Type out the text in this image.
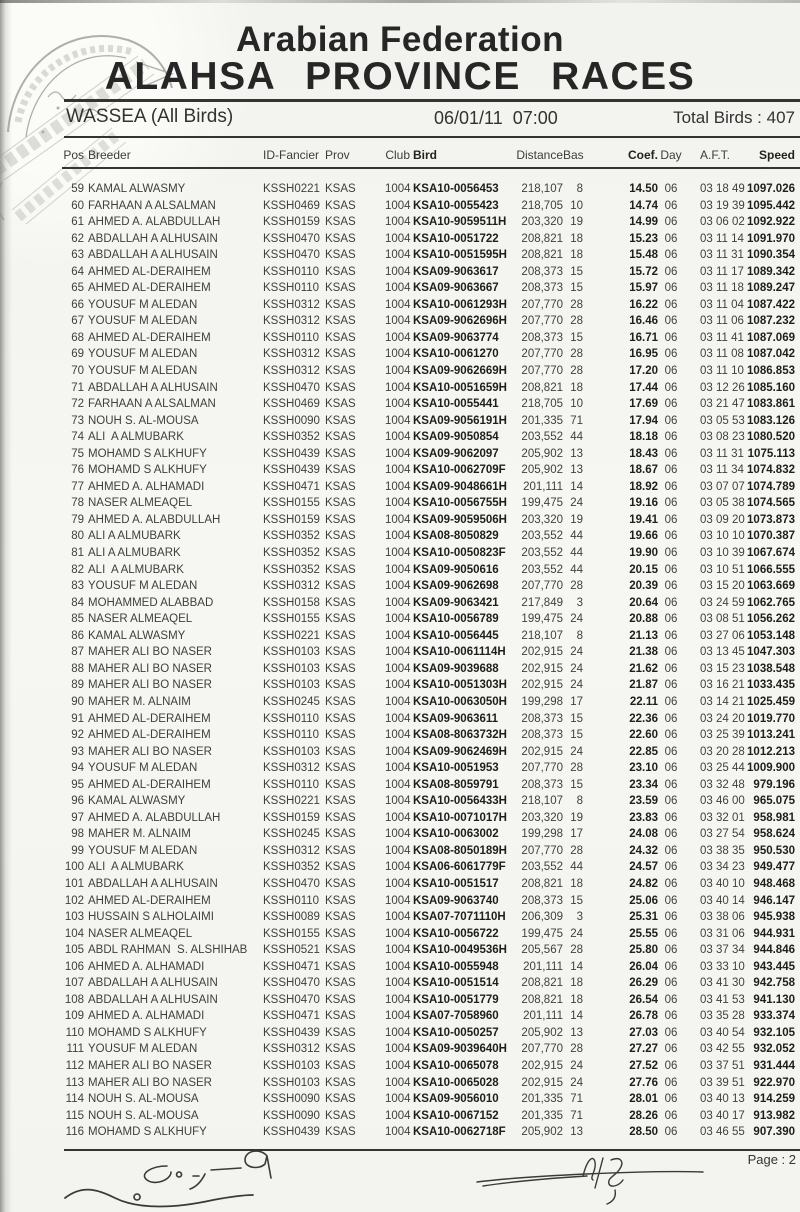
Arabian Federation
ALAHSA PROVINCE RACES
WASSEA (All Birds)	06/01/11  07:00	Total Birds : 407
Pos Breeder	ID-Fancier Prov	Club Bird	Distance Bas	Coef. Day	A.F.T.	Speed
59 KAMAL ALWASMY	KSSH0221 KSAS	1004 KSA10-0056453	218,107	8	14.50 06	03 18 49 1097.026
60 FARHAAN A ALSALMAN	KSSH0469 KSAS	1004 KSA10-0055423	218,705 10	14.74 06	03 19 39 1095.442
61 AHMED A. ALABDULLAH	KSSH0159 KSAS	1004 KSA10-9059511H	203,320 19	14.99 06	03 06 02 1092.922
62 ABDALLAH A ALHUSAIN	KSSH0470 KSAS	1004 KSA10-0051722	208,821 18	15.23 06	03 11 14 1091.970
63 ABDALLAH A ALHUSAIN	KSSH0470 KSAS	1004 KSA10-0051595H	208,821 18	15.48 06	03 11 31 1090.354
64 AHMED AL-DERAIHEM	KSSH0110 KSAS	1004 KSA09-9063617	208,373 15	15.72 06	03 11 17 1089.342
65 AHMED AL-DERAIHEM	KSSH0110 KSAS	1004 KSA09-9063667	208,373 15	15.97 06	03 11 18 1089.247
66 YOUSUF M ALEDAN	KSSH0312 KSAS	1004 KSA10-0061293H	207,770 28	16.22 06	03 11 04 1087.422
67 YOUSUF M ALEDAN	KSSH0312 KSAS	1004 KSA09-9062696H	207,770 28	16.46 06	03 11 06 1087.232
68 AHMED AL-DERAIHEM	KSSH0110 KSAS	1004 KSA09-9063774	208,373 15	16.71 06	03 11 41 1087.069
69 YOUSUF M ALEDAN	KSSH0312 KSAS	1004 KSA10-0061270	207,770 28	16.95 06	03 11 08 1087.042
70 YOUSUF M ALEDAN	KSSH0312 KSAS	1004 KSA09-9062669H	207,770 28	17.20 06	03 11 10 1086.853
71 ABDALLAH A ALHUSAIN	KSSH0470 KSAS	1004 KSA10-0051659H	208,821 18	17.44 06	03 12 26 1085.160
72 FARHAAN A ALSALMAN	KSSH0469 KSAS	1004 KSA10-0055441	218,705 10	17.69 06	03 21 47 1083.861
73 NOUH S. AL-MOUSA	KSSH0090 KSAS	1004 KSA09-9056191H	201,335 71	17.94 06	03 05 53 1083.126
74 ALI  A ALMUBARK	KSSH0352 KSAS	1004 KSA09-9050854	203,552 44	18.18 06	03 08 23 1080.520
75 MOHAMD S ALKHUFY	KSSH0439 KSAS	1004 KSA09-9062097	205,902 13	18.43 06	03 11 31 1075.113
76 MOHAMD S ALKHUFY	KSSH0439 KSAS	1004 KSA10-0062709F	205,902 13	18.67 06	03 11 34 1074.832
77 AHMED A. ALHAMADI	KSSH0471 KSAS	1004 KSA09-9048661H	201,111 14	18.92 06	03 07 07 1074.789
78 NASER ALMEAQEL	KSSH0155 KSAS	1004 KSA10-0056755H	199,475 24	19.16 06	03 05 38 1074.565
79 AHMED A. ALABDULLAH	KSSH0159 KSAS	1004 KSA09-9059506H	203,320 19	19.41 06	03 09 20 1073.873
80 ALI A ALMUBARK	KSSH0352 KSAS	1004 KSA08-8050829	203,552 44	19.66 06	03 10 10 1070.387
81 ALI A ALMUBARK	KSSH0352 KSAS	1004 KSA10-0050823F	203,552 44	19.90 06	03 10 39 1067.674
82 ALI  A ALMUBARK	KSSH0352 KSAS	1004 KSA09-9050616	203,552 44	20.15 06	03 10 51 1066.555
83 YOUSUF M ALEDAN	KSSH0312 KSAS	1004 KSA09-9062698	207,770 28	20.39 06	03 15 20 1063.669
84 MOHAMMED ALABBAD	KSSH0158 KSAS	1004 KSA09-9063421	217,849	3	20.64 06	03 24 59 1062.765
85 NASER ALMEAQEL	KSSH0155 KSAS	1004 KSA10-0056789	199,475 24	20.88 06	03 08 51 1056.262
86 KAMAL ALWASMY	KSSH0221 KSAS	1004 KSA10-0056445	218,107	8	21.13 06	03 27 06 1053.148
87 MAHER ALI BO NASER	KSSH0103 KSAS	1004 KSA10-0061114H	202,915 24	21.38 06	03 13 45 1047.303
88 MAHER ALI BO NASER	KSSH0103 KSAS	1004 KSA09-9039688	202,915 24	21.62 06	03 15 23 1038.548
89 MAHER ALI BO NASER	KSSH0103 KSAS	1004 KSA10-0051303H	202,915 24	21.87 06	03 16 21 1033.435
90 MAHER M. ALNAIM	KSSH0245 KSAS	1004 KSA10-0063050H	199,298 17	22.11 06	03 14 21 1025.459
91 AHMED AL-DERAIHEM	KSSH0110 KSAS	1004 KSA09-9063611	208,373 15	22.36 06	03 24 20 1019.770
92 AHMED AL-DERAIHEM	KSSH0110 KSAS	1004 KSA08-8063732H	208,373 15	22.60 06	03 25 39 1013.241
93 MAHER ALI BO NASER	KSSH0103 KSAS	1004 KSA09-9062469H	202,915 24	22.85 06	03 20 28 1012.213
94 YOUSUF M ALEDAN	KSSH0312 KSAS	1004 KSA10-0051953	207,770 28	23.10 06	03 25 44 1009.900
95 AHMED AL-DERAIHEM	KSSH0110 KSAS	1004 KSA08-8059791	208,373 15	23.34 06	03 32 48 979.196
96 KAMAL ALWASMY	KSSH0221 KSAS	1004 KSA10-0056433H	218,107	8	23.59 06	03 46 00 965.075
97 AHMED A. ALABDULLAH	KSSH0159 KSAS	1004 KSA10-0071017H	203,320 19	23.83 06	03 32 01 958.981
98 MAHER M. ALNAIM	KSSH0245 KSAS	1004 KSA10-0063002	199,298 17	24.08 06	03 27 54 958.624
99 YOUSUF M ALEDAN	KSSH0312 KSAS	1004 KSA08-8050189H	207,770 28	24.32 06	03 38 35 950.530
100 ALI  A ALMUBARK	KSSH0352 KSAS	1004 KSA06-6061779F	203,552 44	24.57 06	03 34 23 949.477
101 ABDALLAH A ALHUSAIN	KSSH0470 KSAS	1004 KSA10-0051517	208,821 18	24.82 06	03 40 10 948.468
102 AHMED AL-DERAIHEM	KSSH0110 KSAS	1004 KSA09-9063740	208,373 15	25.06 06	03 40 14 946.147
103 HUSSAIN S ALHOLAIMI	KSSH0089 KSAS	1004 KSA07-7071110H	206,309	3	25.31 06	03 38 06 945.938
104 NASER ALMEAQEL	KSSH0155 KSAS	1004 KSA10-0056722	199,475 24	25.55 06	03 31 06 944.931
105 ABDL RAHMAN  S. ALSHIHAB	KSSH0521 KSAS	1004 KSA10-0049536H	205,567 28	25.80 06	03 37 34 944.846
106 AHMED A. ALHAMADI	KSSH0471 KSAS	1004 KSA10-0055948	201,111 14	26.04 06	03 33 10 943.445
107 ABDALLAH A ALHUSAIN	KSSH0470 KSAS	1004 KSA10-0051514	208,821 18	26.29 06	03 41 30 942.758
108 ABDALLAH A ALHUSAIN	KSSH0470 KSAS	1004 KSA10-0051779	208,821 18	26.54 06	03 41 53 941.130
109 AHMED A. ALHAMADI	KSSH0471 KSAS	1004 KSA07-7058960	201,111 14	26.78 06	03 35 28 933.374
110 MOHAMD S ALKHUFY	KSSH0439 KSAS	1004 KSA10-0050257	205,902 13	27.03 06	03 40 54 932.105
111 YOUSUF M ALEDAN	KSSH0312 KSAS	1004 KSA09-9039640H	207,770 28	27.27 06	03 42 55 932.052
112 MAHER ALI BO NASER	KSSH0103 KSAS	1004 KSA10-0065078	202,915 24	27.52 06	03 37 51 931.444
113 MAHER ALI BO NASER	KSSH0103 KSAS	1004 KSA10-0065028	202,915 24	27.76 06	03 39 51 922.970
114 NOUH S. AL-MOUSA	KSSH0090 KSAS	1004 KSA09-9056010	201,335 71	28.01 06	03 40 13 914.259
115 NOUH S. AL-MOUSA	KSSH0090 KSAS	1004 KSA10-0067152	201,335 71	28.26 06	03 40 17 913.982
116 MOHAMD S ALKHUFY	KSSH0439 KSAS	1004 KSA10-0062718F	205,902 13	28.50 06	03 46 55 907.390
Page : 2
